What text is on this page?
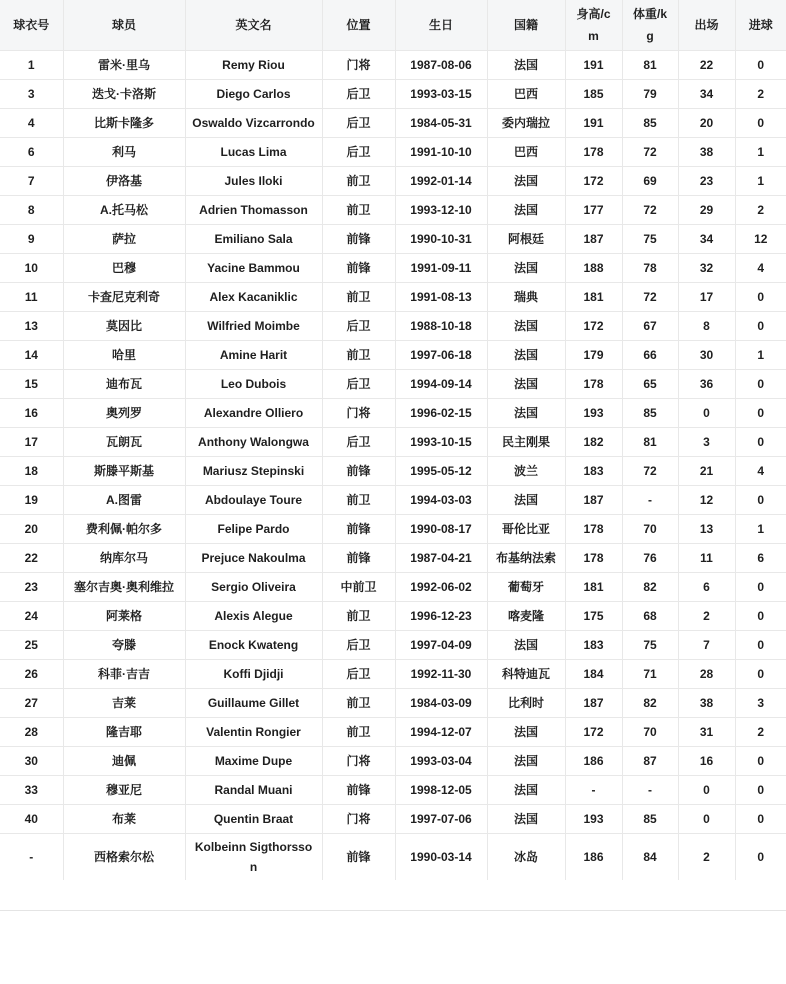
球衣号	球员	英文名	位置	生日	国籍	身高/cm	体重/kg	出场	进球
1	雷米·里乌	Remy Riou	门将	1987-08-06	法国	191	81	22	0
3	迭戈·卡洛斯	Diego Carlos	后卫	1993-03-15	巴西	185	79	34	2
4	比斯卡隆多	Oswaldo Vizcarrondo	后卫	1984-05-31	委内瑞拉	191	85	20	0
6	利马	Lucas Lima	后卫	1991-10-10	巴西	178	72	38	1
7	伊洛基	Jules Iloki	前卫	1992-01-14	法国	172	69	23	1
8	A.托马松	Adrien Thomasson	前卫	1993-12-10	法国	177	72	29	2
9	萨拉	Emiliano Sala	前锋	1990-10-31	阿根廷	187	75	34	12
10	巴穆	Yacine Bammou	前锋	1991-09-11	法国	188	78	32	4
11	卡查尼克利奇	Alex Kacaniklic	前卫	1991-08-13	瑞典	181	72	17	0
13	莫因比	Wilfried Moimbe	后卫	1988-10-18	法国	172	67	8	0
14	哈里	Amine Harit	前卫	1997-06-18	法国	179	66	30	1
15	迪布瓦	Leo Dubois	后卫	1994-09-14	法国	178	65	36	0
16	奥列罗	Alexandre Olliero	门将	1996-02-15	法国	193	85	0	0
17	瓦朗瓦	Anthony Walongwa	后卫	1993-10-15	民主刚果	182	81	3	0
18	斯滕平斯基	Mariusz Stepinski	前锋	1995-05-12	波兰	183	72	21	4
19	A.图雷	Abdoulaye Toure	前卫	1994-03-03	法国	187	-	12	0
20	费利佩·帕尔多	Felipe Pardo	前锋	1990-08-17	哥伦比亚	178	70	13	1
22	纳库尔马	Prejuce Nakoulma	前锋	1987-04-21	布基纳法索	178	76	11	6
23	塞尔吉奥·奥利维拉	Sergio Oliveira	中前卫	1992-06-02	葡萄牙	181	82	6	0
24	阿莱格	Alexis Alegue	前卫	1996-12-23	喀麦隆	175	68	2	0
25	夸滕	Enock Kwateng	后卫	1997-04-09	法国	183	75	7	0
26	科菲·吉吉	Koffi Djidji	后卫	1992-11-30	科特迪瓦	184	71	28	0
27	吉莱	Guillaume Gillet	前卫	1984-03-09	比利时	187	82	38	3
28	隆吉耶	Valentin Rongier	前卫	1994-12-07	法国	172	70	31	2
30	迪佩	Maxime Dupe	门将	1993-03-04	法国	186	87	16	0
33	穆亚尼	Randal Muani	前锋	1998-12-05	法国	-	-	0	0
40	布莱	Quentin Braat	门将	1997-07-06	法国	193	85	0	0
-	西格索尔松	Kolbeinn Sigthorsson	前锋	1990-03-14	冰岛	186	84	2	0
